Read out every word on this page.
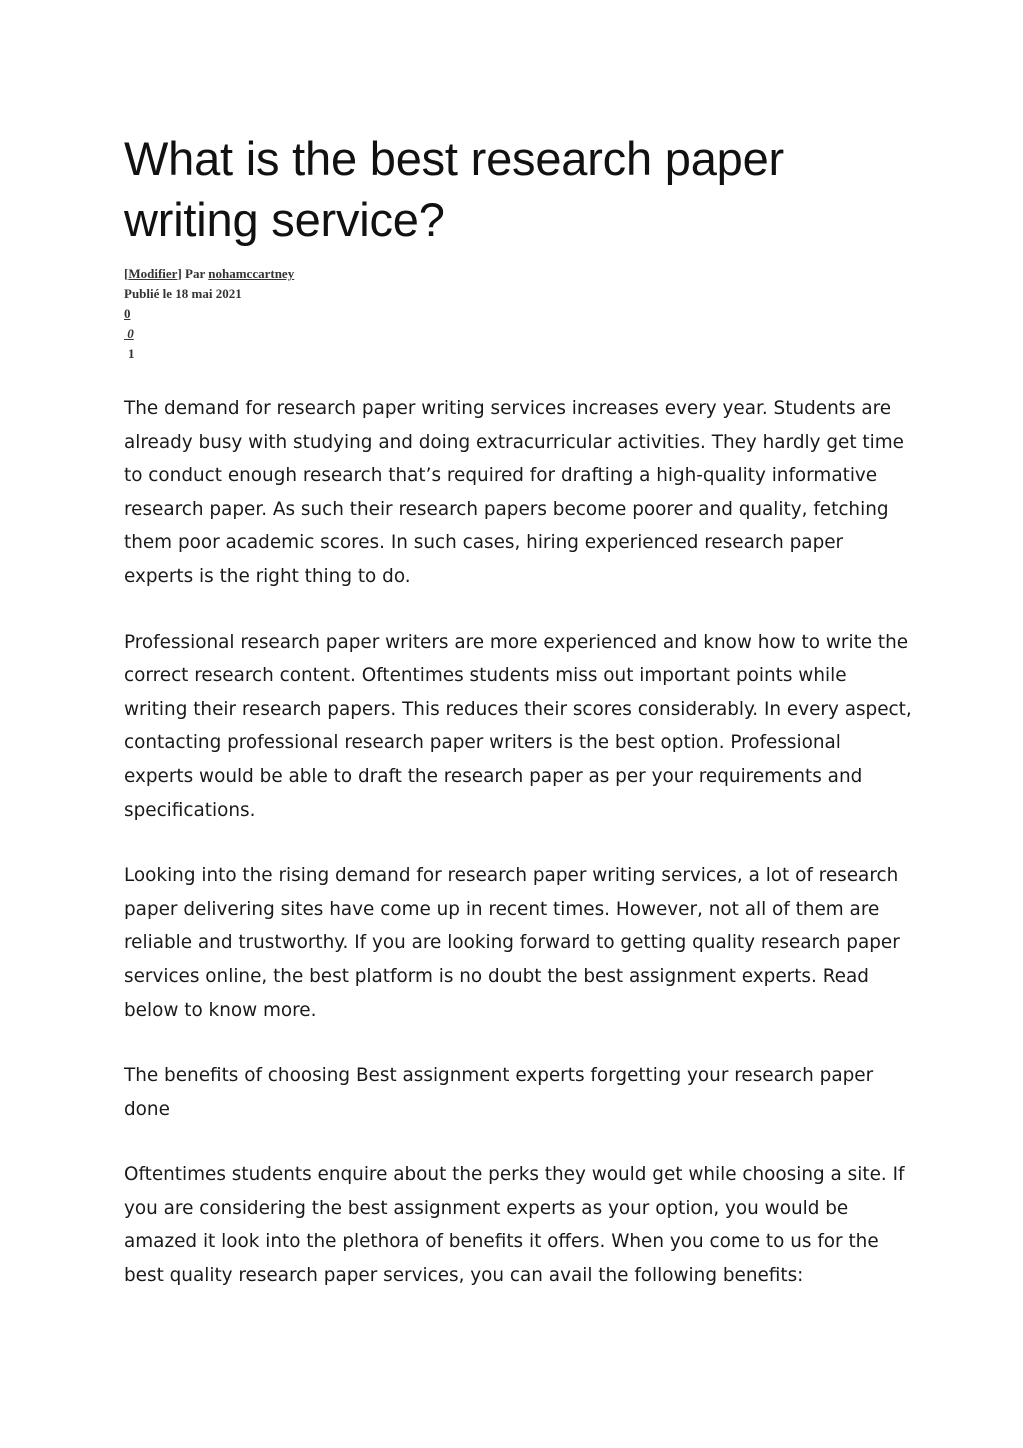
What is the best research paper writing service?
[Modifier] Par nohamccartney
Publié le 18 mai 2021
0
0
1

The demand for research paper writing services increases every year. Students are already busy with studying and doing extracurricular activities. They hardly get time to conduct enough research that’s required for drafting a high-quality informative research paper. As such their research papers become poorer and quality, fetching them poor academic scores. In such cases, hiring experienced research paper experts is the right thing to do.

Professional research paper writers are more experienced and know how to write the correct research content. Oftentimes students miss out important points while writing their research papers. This reduces their scores considerably. In every aspect, contacting professional research paper writers is the best option. Professional experts would be able to draft the research paper as per your requirements and specifications.

Looking into the rising demand for research paper writing services, a lot of research paper delivering sites have come up in recent times. However, not all of them are reliable and trustworthy. If you are looking forward to getting quality research paper services online, the best platform is no doubt the best assignment experts. Read below to know more.

The benefits of choosing Best assignment experts forgetting your research paper done

Oftentimes students enquire about the perks they would get while choosing a site. If you are considering the best assignment experts as your option, you would be amazed it look into the plethora of benefits it offers. When you come to us for the best quality research paper services, you can avail the following benefits:
